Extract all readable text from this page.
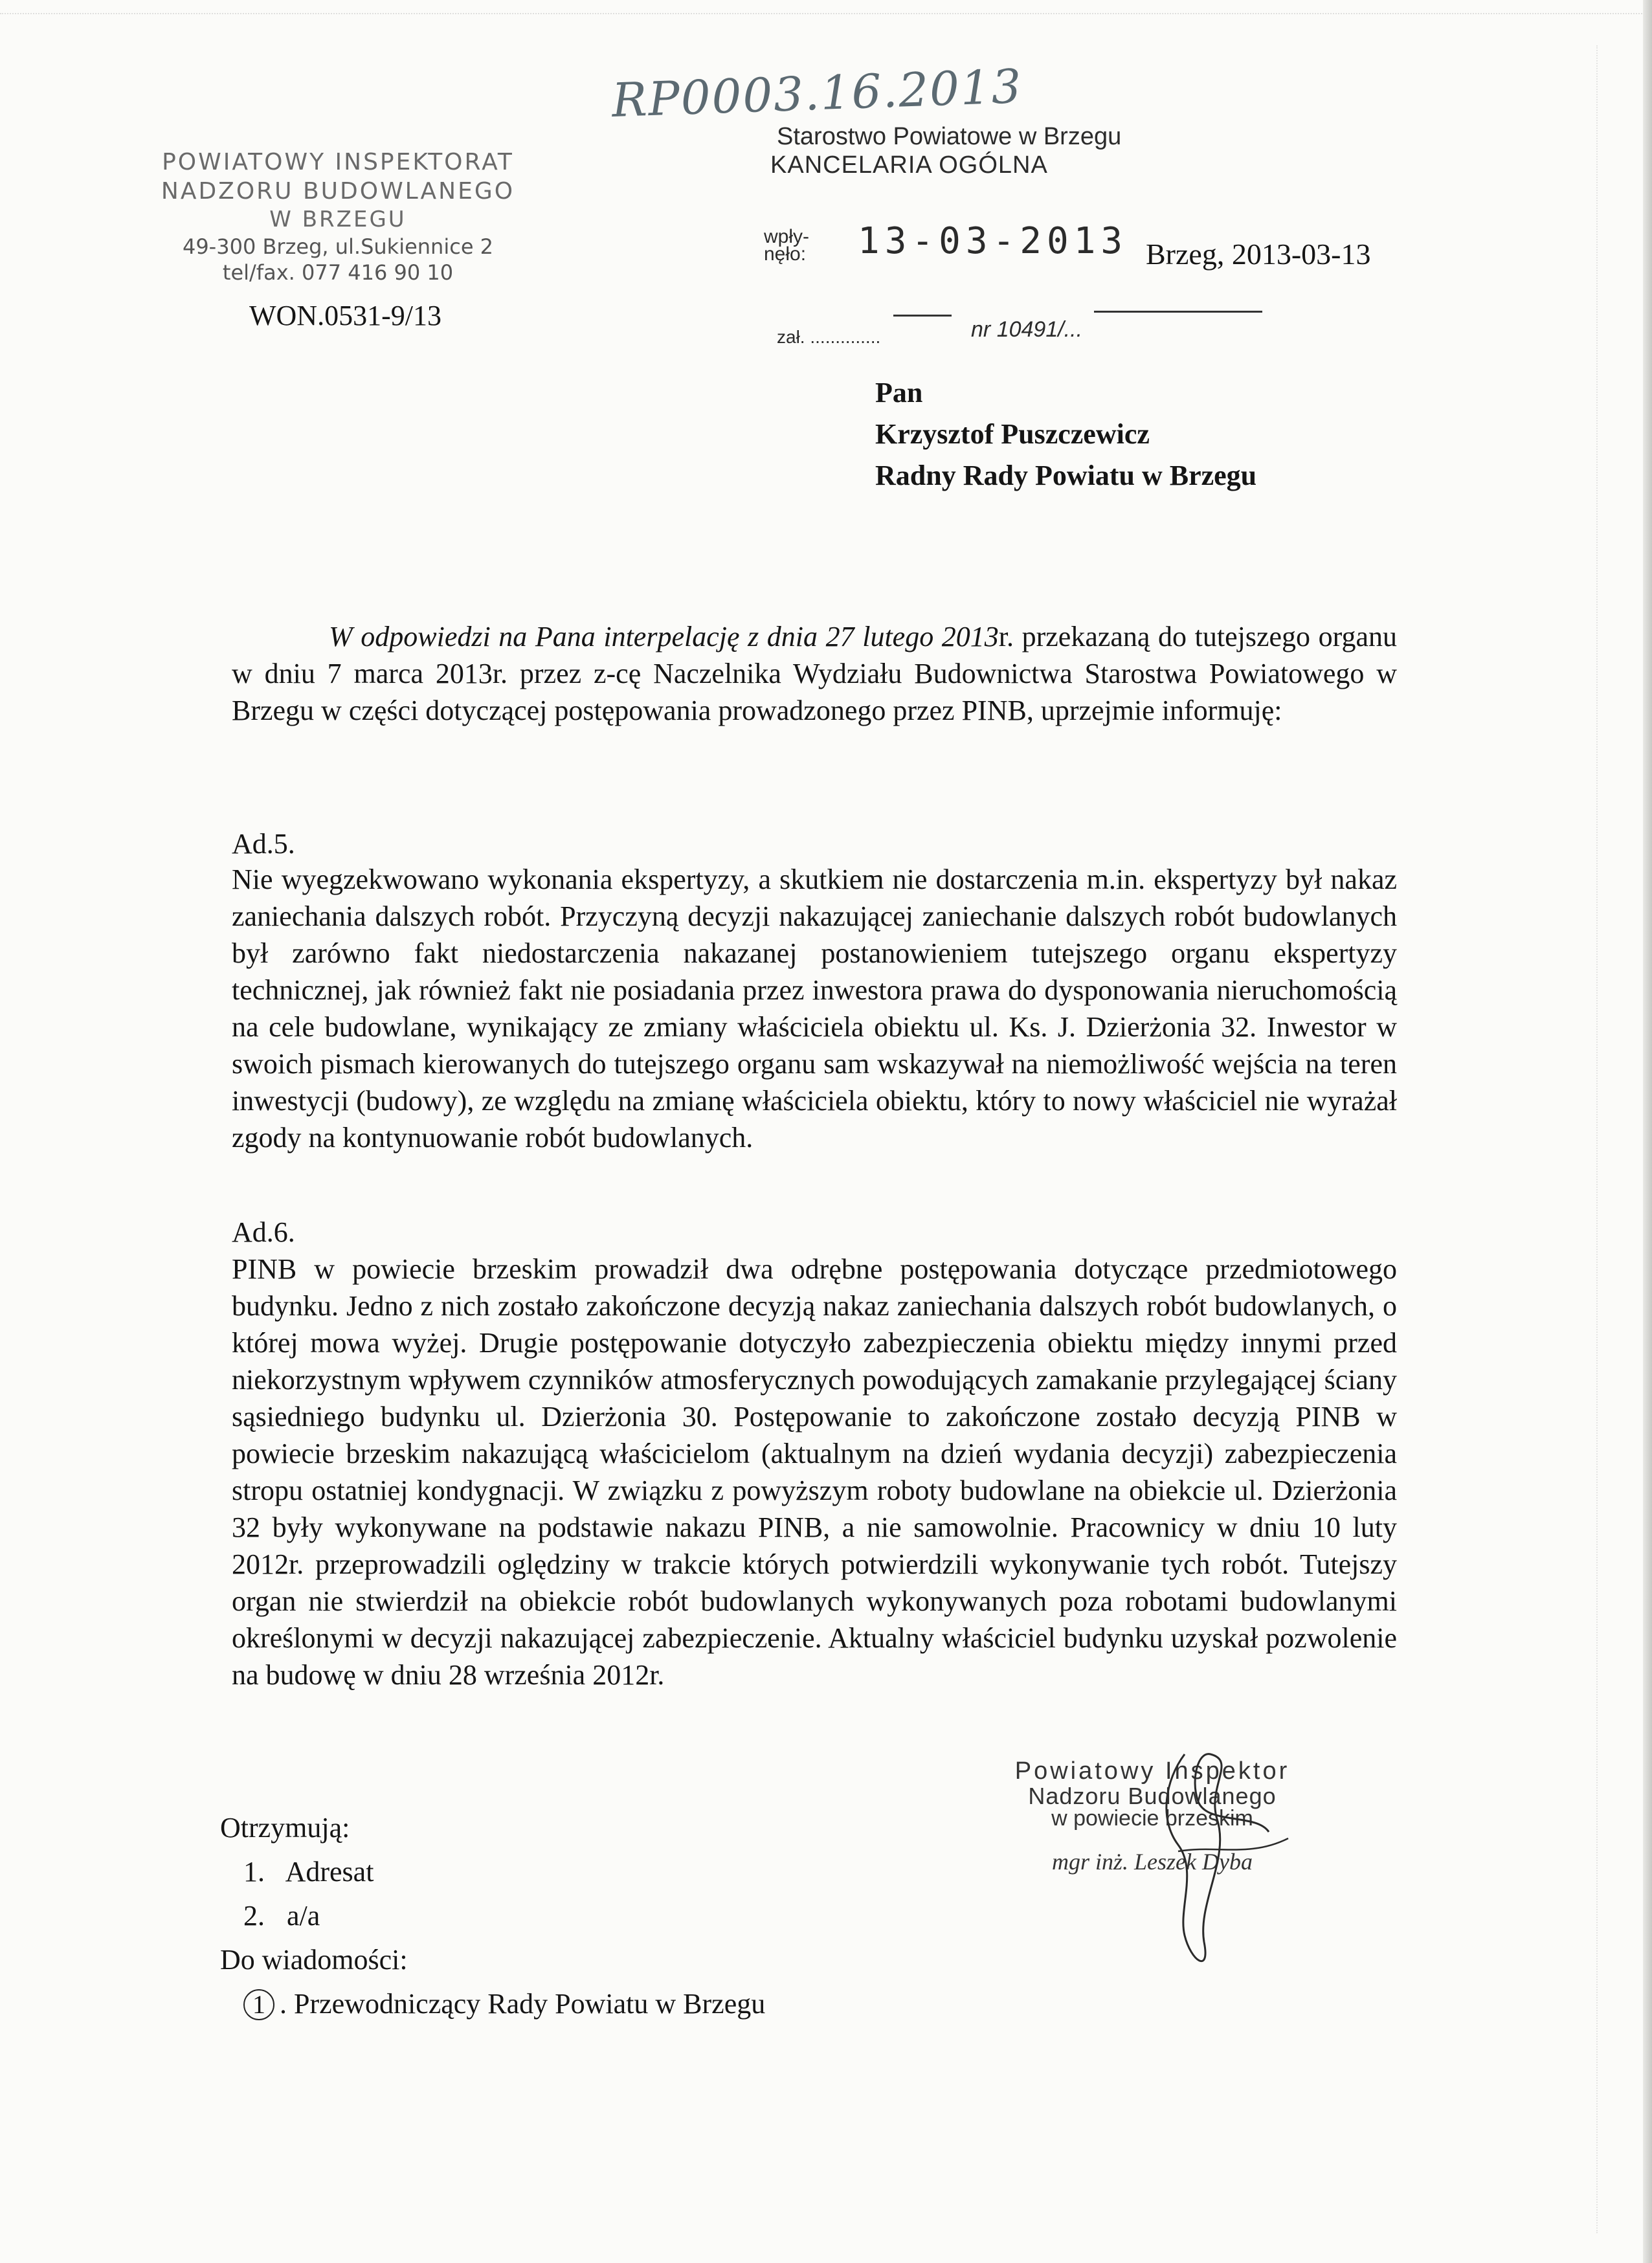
RP0003.16.2013
POWIATOWY INSPEKTORAT
NADZORU BUDOWLANEGO
W BRZEGU
49-300 Brzeg, ul.Sukiennice 2
tel/fax. 077 416 90 10
WON.0531-9/13
Starostwo Powiatowe w Brzegu
KANCELARIA OGÓLNA
wpły-
nęło: 13-03-2013
zał. ..............	nr 10491/...
Brzeg, 2013-03-13
Pan
Krzysztof Puszczewicz
Radny Rady Powiatu w Brzegu
W odpowiedzi na Pana interpelację z dnia 27 lutego 2013r. przekazaną do tutejszego organu w dniu 7 marca 2013r. przez z-cę Naczelnika Wydziału Budownictwa Starostwa Powiatowego w Brzegu w części dotyczącej postępowania prowadzonego przez PINB, uprzejmie informuję:
Ad.5.
Nie wyegzekwowano wykonania ekspertyzy, a skutkiem nie dostarczenia m.in. ekspertyzy był nakaz zaniechania dalszych robót. Przyczyną decyzji nakazującej zaniechanie dalszych robót budowlanych był zarówno fakt niedostarczenia nakazanej postanowieniem tutejszego organu ekspertyzy technicznej, jak również fakt nie posiadania przez inwestora prawa do dysponowania nieruchomością na cele budowlane, wynikający ze zmiany właściciela obiektu ul. Ks. J. Dzierżonia 32. Inwestor w swoich pismach kierowanych do tutejszego organu sam wskazywał na niemożliwość wejścia na teren inwestycji (budowy), ze względu na zmianę właściciela obiektu, który to nowy właściciel nie wyrażał zgody na kontynuowanie robót budowlanych.
Ad.6.
PINB w powiecie brzeskim prowadził dwa odrębne postępowania dotyczące przedmiotowego budynku. Jedno z nich zostało zakończone decyzją nakaz zaniechania dalszych robót budowlanych, o której mowa wyżej. Drugie postępowanie dotyczyło zabezpieczenia obiektu między innymi przed niekorzystnym wpływem czynników atmosferycznych powodujących zamakanie przylegającej ściany sąsiedniego budynku ul. Dzierżonia 30. Postępowanie to zakończone zostało decyzją PINB w powiecie brzeskim nakazującą właścicielom (aktualnym na dzień wydania decyzji) zabezpieczenia stropu ostatniej kondygnacji. W związku z powyższym roboty budowlane na obiekcie ul. Dzierżonia 32 były wykonywane na podstawie nakazu PINB, a nie samowolnie. Pracownicy w dniu 10 luty 2012r. przeprowadzili oględziny w trakcie których potwierdzili wykonywanie tych robót. Tutejszy organ nie stwierdził na obiekcie robót budowlanych wykonywanych poza robotami budowlanymi określonymi w decyzji nakazującej zabezpieczenie. Aktualny właściciel budynku uzyskał pozwolenie na budowę w dniu 28 września 2012r.
Powiatowy Inspektor
Nadzoru Budowlanego
w powiecie brzeskim
mgr inż. Leszek Dyba
Otrzymują:
1. Adresat
2. a/a
Do wiadomości:
1 . Przewodniczący Rady Powiatu w Brzegu
